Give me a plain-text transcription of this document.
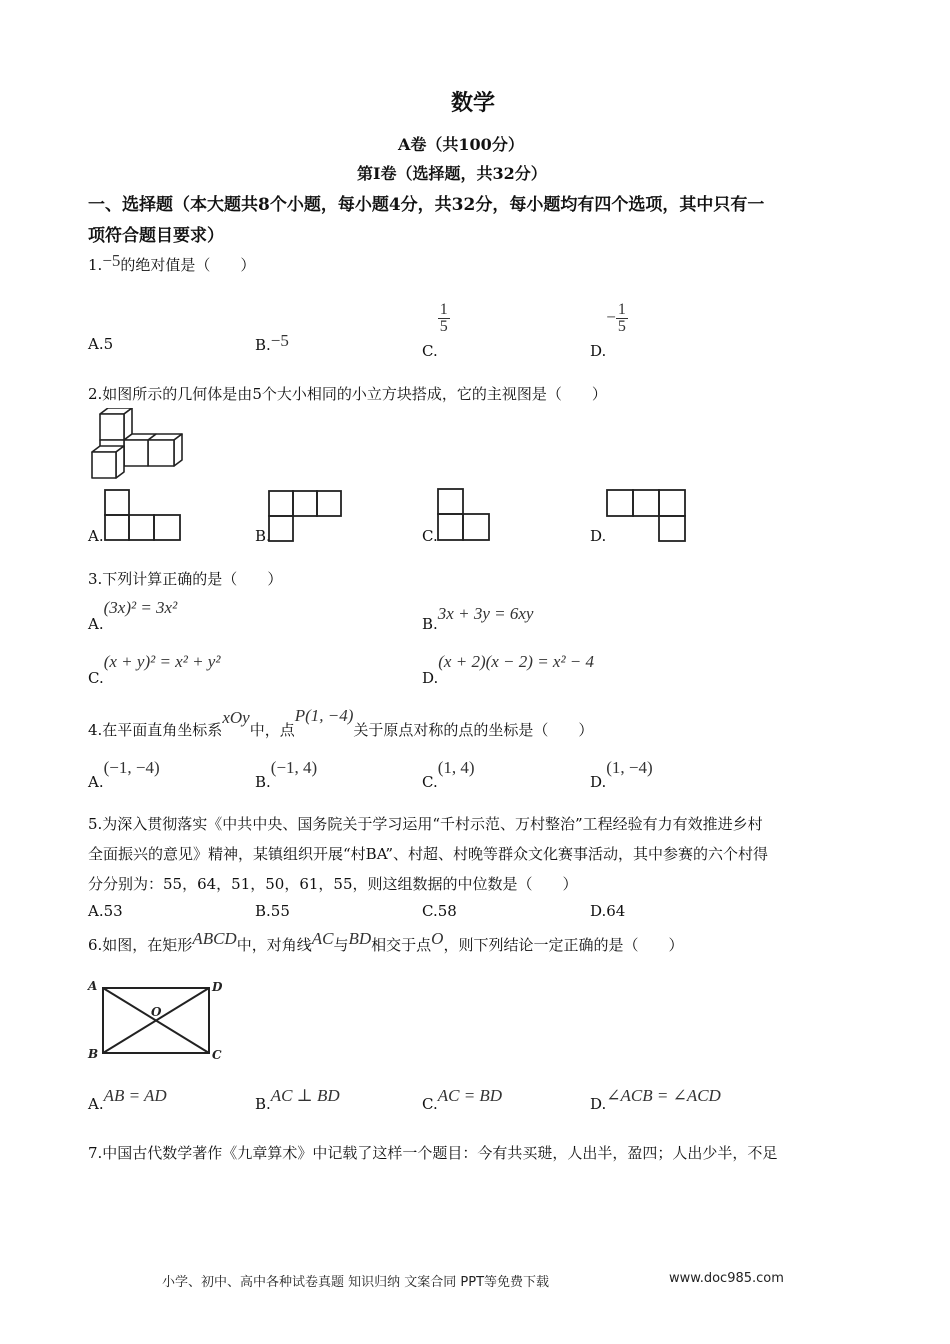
数学
A卷（共100分）
第I卷（选择题，共32分）
一、选择题（本大题共8个小题，每小题4分，共32分，每小题均有四个选项，其中只有一
项符合题目要求）
1.−5的绝对值是（　　）
A.5	B.−5
C.
$\frac{1}{5}$
$D.- \frac{1}{5}$
2.如图所示的几何体是由5个大小相同的小立方块搭成，它的主视图是（　　）
A.	B.	C.	D.
3.下列计算正确的是（　　）
A.(3x)² = 3x²
B.3x + 3y = 6xy
C.(x + y)² = x² + y²
D.(x + 2)(x − 2) = x² − 4
4.在平面直角坐标系xOy中，点P(1, −4)关于原点对称的点的坐标是（　　）
A.(−1, −4)
B.(−1, 4)
C.(1, 4)
D.(1, −4)
5.为深入贯彻落实《中共中央、国务院关于学习运用“千村示范、万村整治”工程经验有力有效推进乡村
全面振兴的意见》精神，某镇组织开展“村BA”、村超、村晚等群众文化赛事活动，其中参赛的六个村得
分分别为：55，64，51，50，61，55，则这组数据的中位数是（　　）
A.53	B.55	C.58	D.64
6.如图，在矩形ABCD中，对角线AC与BD相交于点O，则下列结论一定正确的是（　　）
A	D
B	C
O
A.AB = AD	B.AC ⊥ BD	C.AC = BD	D.∠ACB = ∠ACD
7.中国古代数学著作《九章算术》中记载了这样一个题目：今有共买琎，人出半，盈四；人出少半，不足
小学、初中、高中各种试卷真题 知识归纳 文案合同 PPT等免费下载	www.doc985.com
